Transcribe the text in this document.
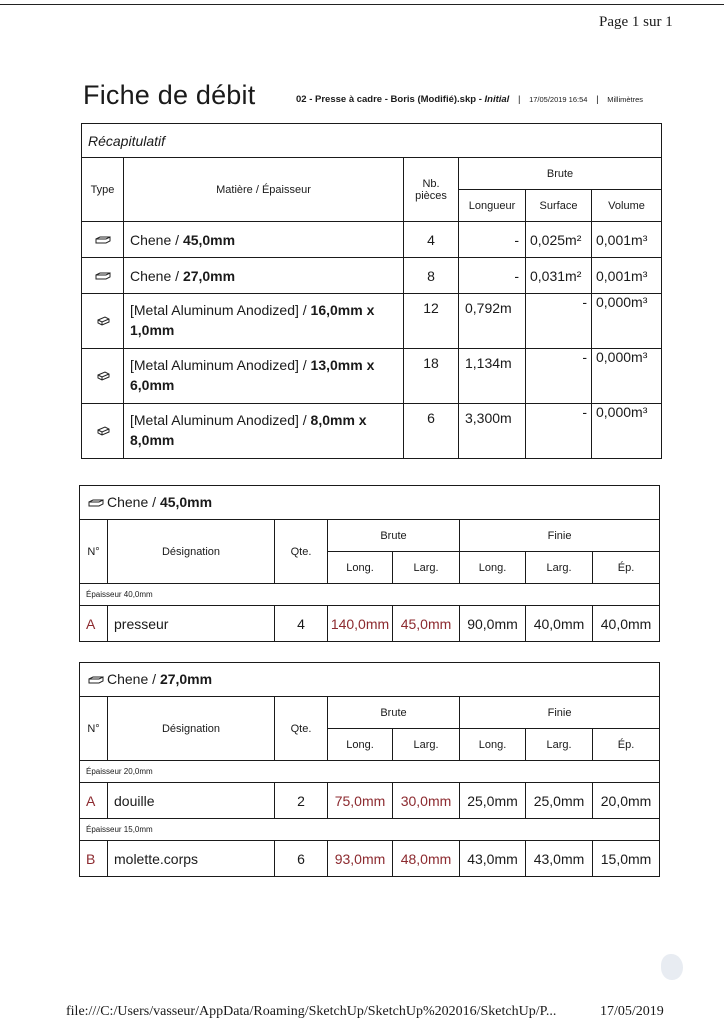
Page 1 sur 1
Fiche de débit	02 - Presse à cadre - Boris (Modifié).skp - Initial | 17/05/2019 16:54 | Millimètres
Récapitulatif					
Type	Matière / Épaisseur	Nb. pièces	Brute		
			Longueur	Surface	Volume
	Chene / 45,0mm	4	-	0,025m²	0,001m³
	Chene / 27,0mm	8	-	0,031m²	0,001m³
	[Metal Aluminum Anodized] / 16,0mm x 1,0mm	12	0,792m	-	0,000m³
	[Metal Aluminum Anodized] / 13,0mm x 6,0mm	18	1,134m	-	0,000m³
	[Metal Aluminum Anodized] / 8,0mm x 8,0mm	6	3,300m	-	0,000m³
Chene / 45,0mm							
N°	Désignation	Qte.	Brute		Finie		
			Long.	Larg.	Long.	Larg.	Ép.
Épaisseur 40,0mm							
A	presseur	4	140,0mm	45,0mm	90,0mm	40,0mm	40,0mm
Chene / 27,0mm							
N°	Désignation	Qte.	Brute		Finie		
			Long.	Larg.	Long.	Larg.	Ép.
Épaisseur 20,0mm							
A	douille	2	75,0mm	30,0mm	25,0mm	25,0mm	20,0mm
Épaisseur 15,0mm							
B	molette.corps	6	93,0mm	48,0mm	43,0mm	43,0mm	15,0mm
file:///C:/Users/vasseur/AppData/Roaming/SketchUp/SketchUp%202016/SketchUp/P...	17/05/2019
